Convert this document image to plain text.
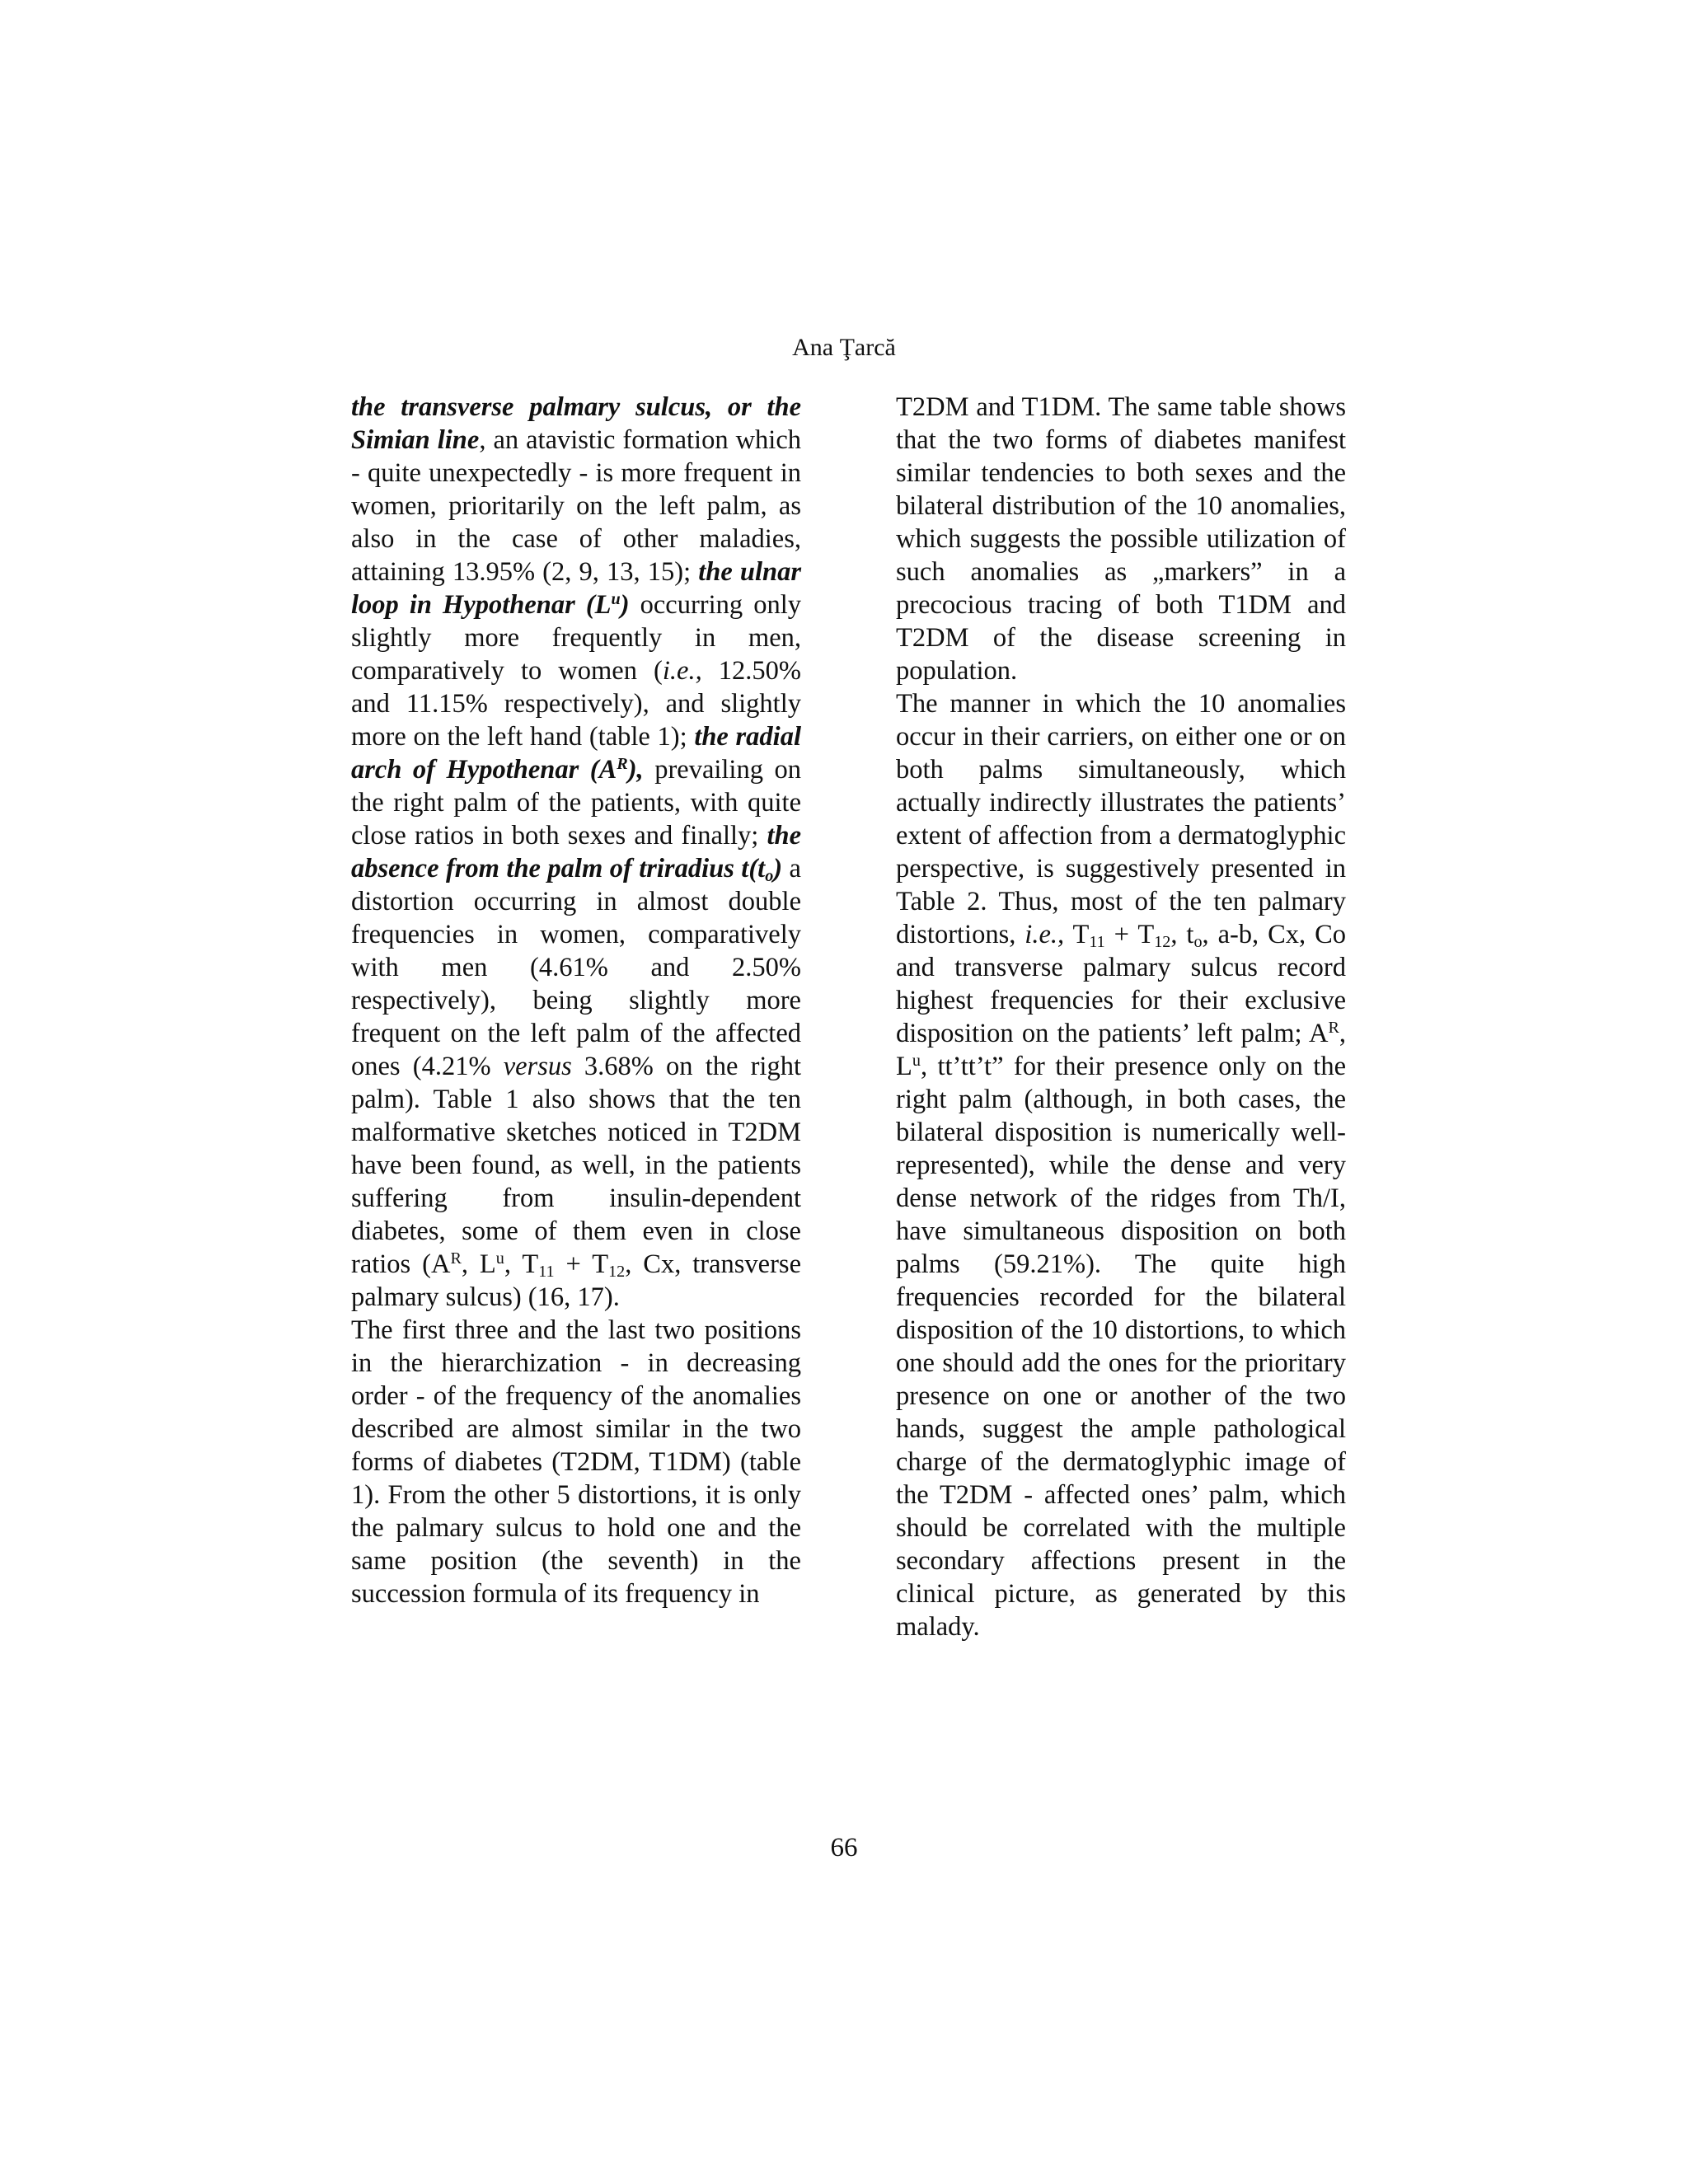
Ana Ţarcă

the transverse palmary sulcus, or the Simian line, an atavistic formation which - quite unexpectedly - is more frequent in women, prioritarily on the left palm, as also in the case of other maladies, attaining 13.95% (2, 9, 13, 15); the ulnar loop in Hypothenar $(L^u)$ occurring only slightly more frequently in men, comparatively to women (i.e., 12.50% and 11.15% respectively), and slightly more on the left hand (table 1); the radial arch of Hypothenar $(A^R)$, prevailing on the right palm of the patients, with quite close ratios in both sexes and finally; the absence from the palm of triradius $t(t_o)$ a distortion occurring in almost double frequencies in women, comparatively with men (4.61% and 2.50% respectively), being slightly more frequent on the left palm of the affected ones (4.21% versus 3.68% on the right palm). Table 1 also shows that the ten malformative sketches noticed in T2DM have been found, as well, in the patients suffering from insulin-dependent diabetes, some of them even in close ratios ($A^R$, $L^u$, $T_{11} + T_{12}$, Cx, transverse palmary sulcus) (16, 17).

The first three and the last two positions in the hierarchization - in decreasing order - of the frequency of the anomalies described are almost similar in the two forms of diabetes (T2DM, T1DM) (table 1). From the other 5 distortions, it is only the palmary sulcus to hold one and the same position (the seventh) in the succession formula of its frequency in

T2DM and T1DM. The same table shows that the two forms of diabetes manifest similar tendencies to both sexes and the bilateral distribution of the 10 anomalies, which suggests the possible utilization of such anomalies as „markers” in a precocious tracing of both T1DM and T2DM of the disease screening in population.

The manner in which the 10 anomalies occur in their carriers, on either one or on both palms simultaneously, which actually indirectly illustrates the patients’ extent of affection from a dermatoglyphic perspective, is suggestively presented in Table 2. Thus, most of the ten palmary distortions, i.e., $T_{11} + T_{12}$, $t_o$, a-b, Cx, Co and transverse palmary sulcus record highest frequencies for their exclusive disposition on the patients’ left palm; $A^R$, $L^u$, tt’tt’t” for their presence only on the right palm (although, in both cases, the bilateral disposition is numerically well-represented), while the dense and very dense network of the ridges from Th/I, have simultaneous disposition on both palms (59.21%). The quite high frequencies recorded for the bilateral disposition of the 10 distortions, to which one should add the ones for the prioritary presence on one or another of the two hands, suggest the ample pathological charge of the dermatoglyphic image of the T2DM - affected ones’ palm, which should be correlated with the multiple secondary affections present in the clinical picture, as generated by this malady.

66
